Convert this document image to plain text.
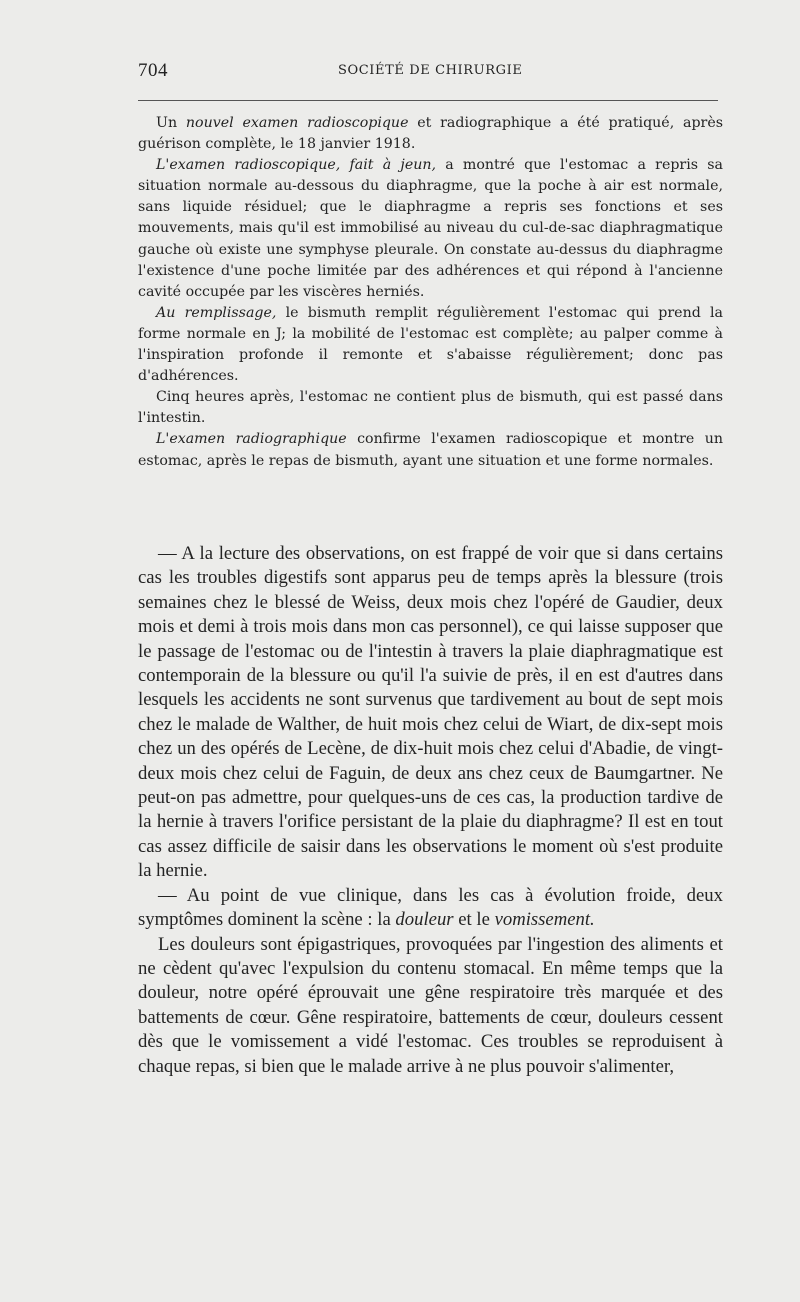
704	SOCIÉTÉ DE CHIRURGIE

Un nouvel examen radioscopique et radiographique a été pratiqué, après guérison complète, le 18 janvier 1918.

L'examen radioscopique, fait à jeun, a montré que l'estomac a repris sa situation normale au-dessous du diaphragme, que la poche à air est normale, sans liquide résiduel; que le diaphragme a repris ses fonctions et ses mouvements, mais qu'il est immobilisé au niveau du cul-de-sac diaphragmatique gauche où existe une symphyse pleurale. On constate au-dessus du diaphragme l'existence d'une poche limitée par des adhérences et qui répond à l'ancienne cavité occupée par les viscères herniés.

Au remplissage, le bismuth remplit régulièrement l'estomac qui prend la forme normale en J; la mobilité de l'estomac est complète; au palper comme à l'inspiration profonde il remonte et s'abaisse régulièrement; donc pas d'adhérences.

Cinq heures après, l'estomac ne contient plus de bismuth, qui est passé dans l'intestin.

L'examen radiographique confirme l'examen radioscopique et montre un estomac, après le repas de bismuth, ayant une situation et une forme normales.

— A la lecture des observations, on est frappé de voir que si dans certains cas les troubles digestifs sont apparus peu de temps après la blessure (trois semaines chez le blessé de Weiss, deux mois chez l'opéré de Gaudier, deux mois et demi à trois mois dans mon cas personnel), ce qui laisse supposer que le passage de l'estomac ou de l'intestin à travers la plaie diaphragmatique est contemporain de la blessure ou qu'il l'a suivie de près, il en est d'autres dans lesquels les accidents ne sont survenus que tardivement au bout de sept mois chez le malade de Walther, de huit mois chez celui de Wiart, de dix-sept mois chez un des opérés de Lecène, de dix-huit mois chez celui d'Abadie, de vingt-deux mois chez celui de Faguin, de deux ans chez ceux de Baumgartner. Ne peut-on pas admettre, pour quelques-uns de ces cas, la production tardive de la hernie à travers l'orifice persistant de la plaie du diaphragme? Il est en tout cas assez difficile de saisir dans les observations le moment où s'est produite la hernie.

— Au point de vue clinique, dans les cas à évolution froide, deux symptômes dominent la scène : la douleur et le vomissement.

Les douleurs sont épigastriques, provoquées par l'ingestion des aliments et ne cèdent qu'avec l'expulsion du contenu stomacal. En même temps que la douleur, notre opéré éprouvait une gêne respiratoire très marquée et des battements de cœur. Gêne respiratoire, battements de cœur, douleurs cessent dès que le vomissement a vidé l'estomac. Ces troubles se reproduisent à chaque repas, si bien que le malade arrive à ne plus pouvoir s'alimenter,
